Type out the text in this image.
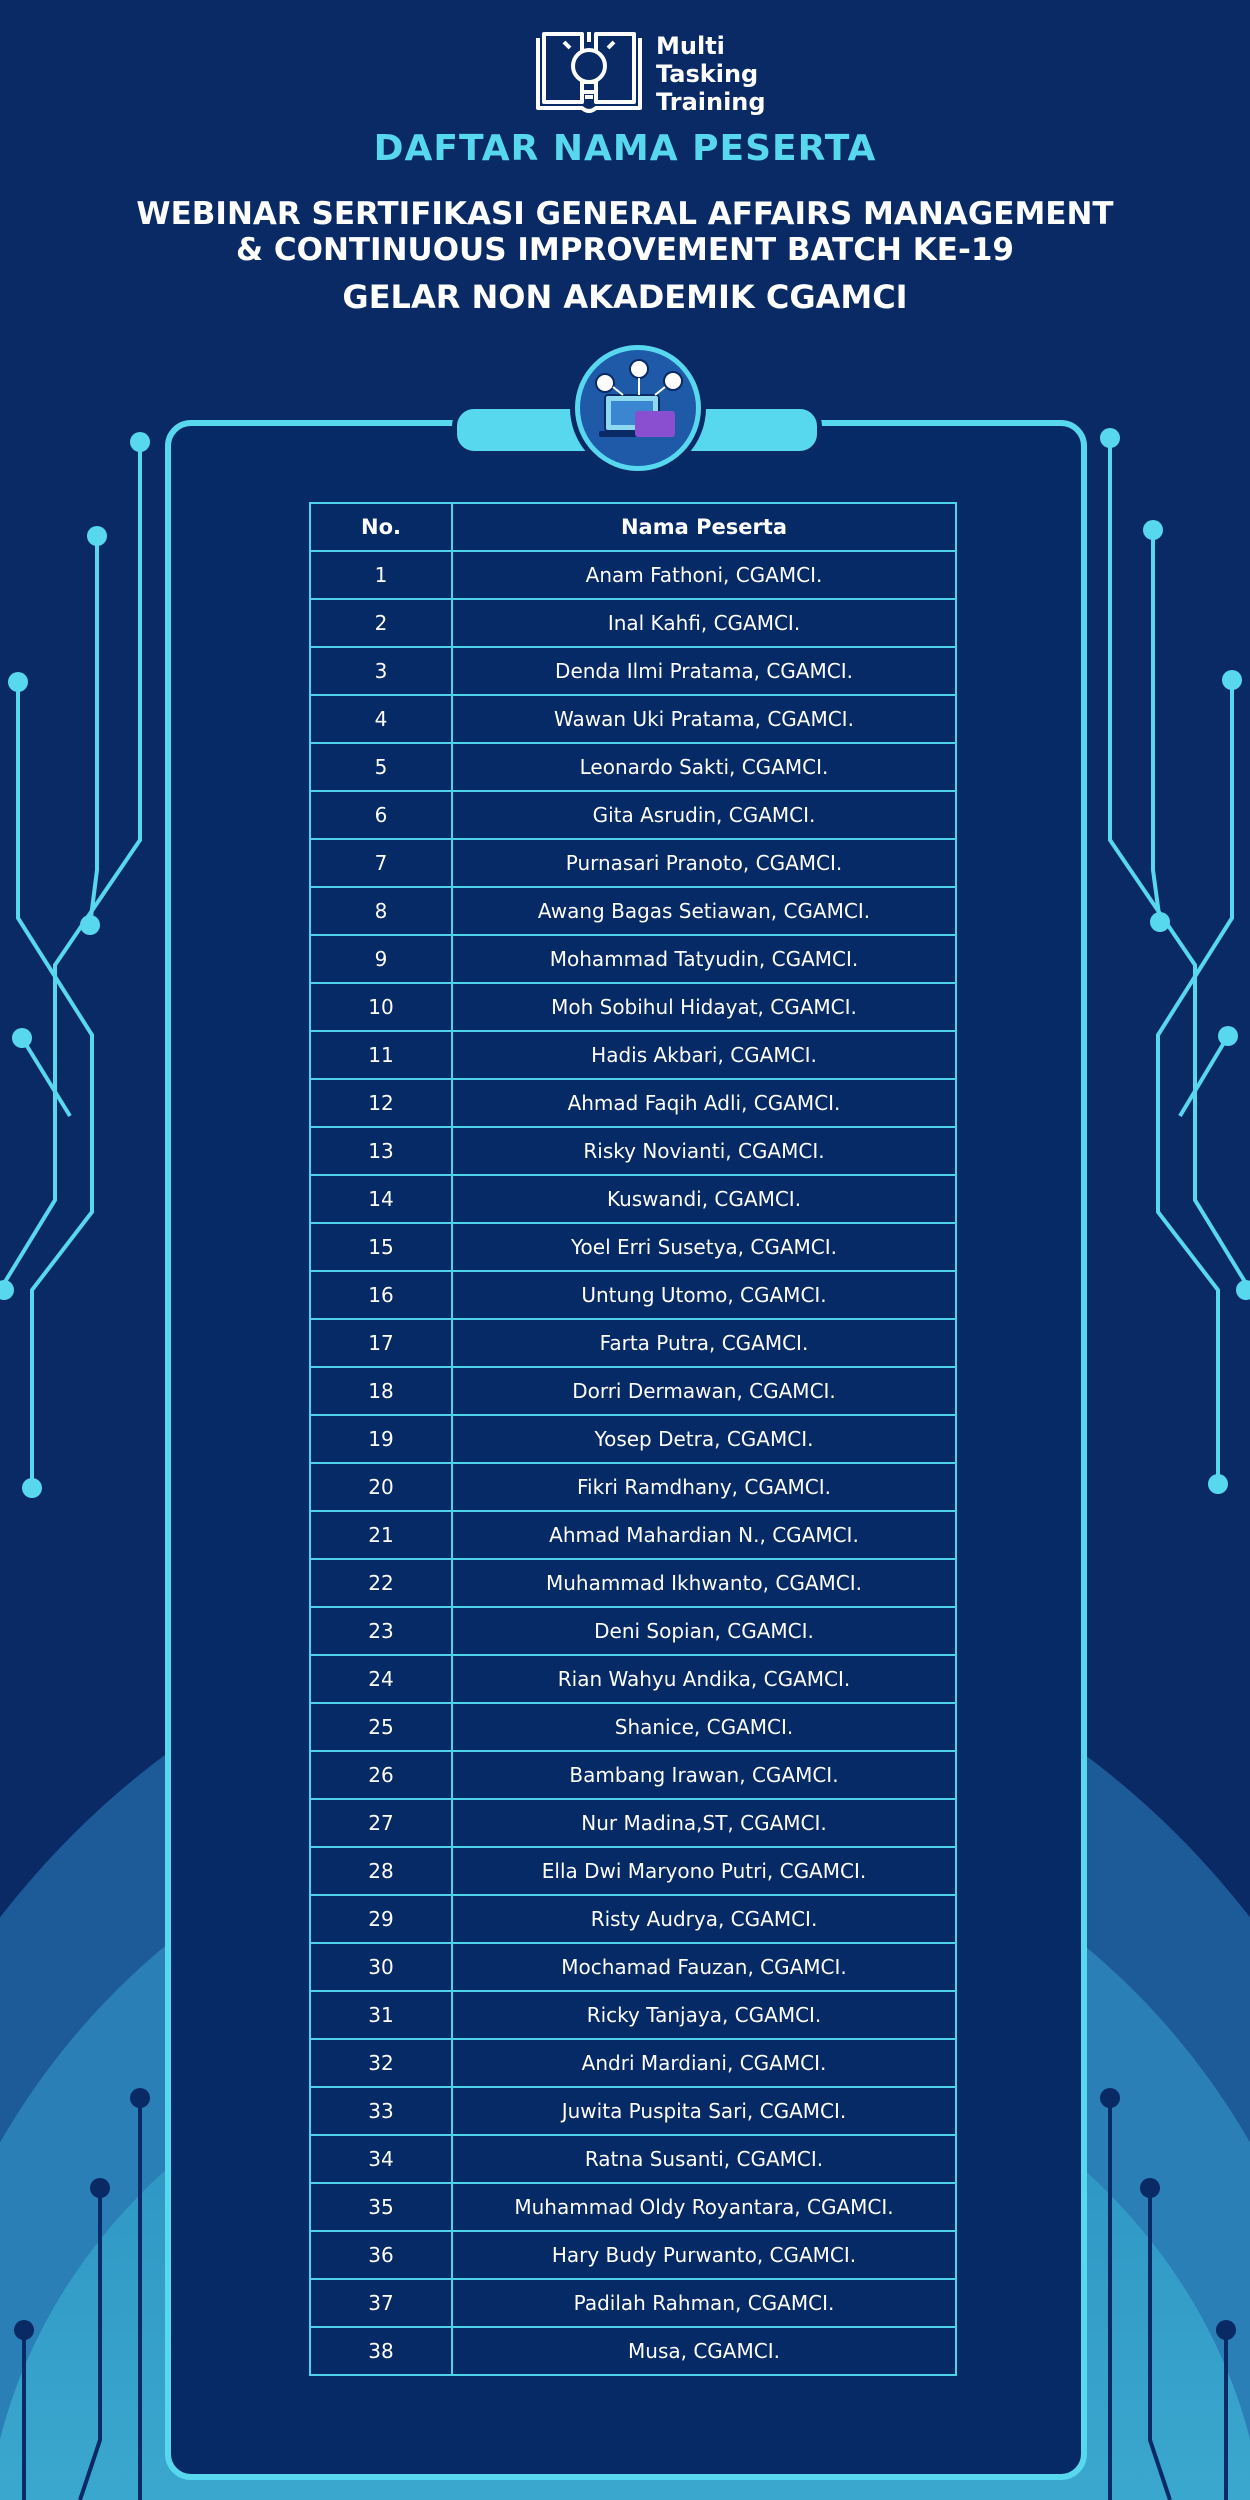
Multi
Tasking
Training
DAFTAR NAMA PESERTA
WEBINAR SERTIFIKASI GENERAL AFFAIRS MANAGEMENT
& CONTINUOUS IMPROVEMENT BATCH KE-19
GELAR NON AKADEMIK CGAMCI
No.	Nama Peserta
1	Anam Fathoni, CGAMCI.
2	Inal Kahfi, CGAMCI.
3	Denda Ilmi Pratama, CGAMCI.
4	Wawan Uki Pratama, CGAMCI.
5	Leonardo Sakti, CGAMCI.
6	Gita Asrudin, CGAMCI.
7	Purnasari Pranoto, CGAMCI.
8	Awang Bagas Setiawan, CGAMCI.
9	Mohammad Tatyudin, CGAMCI.
10	Moh Sobihul Hidayat, CGAMCI.
11	Hadis Akbari, CGAMCI.
12	Ahmad Faqih Adli, CGAMCI.
13	Risky Novianti, CGAMCI.
14	Kuswandi, CGAMCI.
15	Yoel Erri Susetya, CGAMCI.
16	Untung Utomo, CGAMCI.
17	Farta Putra, CGAMCI.
18	Dorri Dermawan, CGAMCI.
19	Yosep Detra, CGAMCI.
20	Fikri Ramdhany, CGAMCI.
21	Ahmad Mahardian N., CGAMCI.
22	Muhammad Ikhwanto, CGAMCI.
23	Deni Sopian, CGAMCI.
24	Rian Wahyu Andika, CGAMCI.
25	Shanice, CGAMCI.
26	Bambang Irawan, CGAMCI.
27	Nur Madina,ST, CGAMCI.
28	Ella Dwi Maryono Putri, CGAMCI.
29	Risty Audrya, CGAMCI.
30	Mochamad Fauzan, CGAMCI.
31	Ricky Tanjaya, CGAMCI.
32	Andri Mardiani, CGAMCI.
33	Juwita Puspita Sari, CGAMCI.
34	Ratna Susanti, CGAMCI.
35	Muhammad Oldy Royantara, CGAMCI.
36	Hary Budy Purwanto, CGAMCI.
37	Padilah Rahman, CGAMCI.
38	Musa, CGAMCI.
